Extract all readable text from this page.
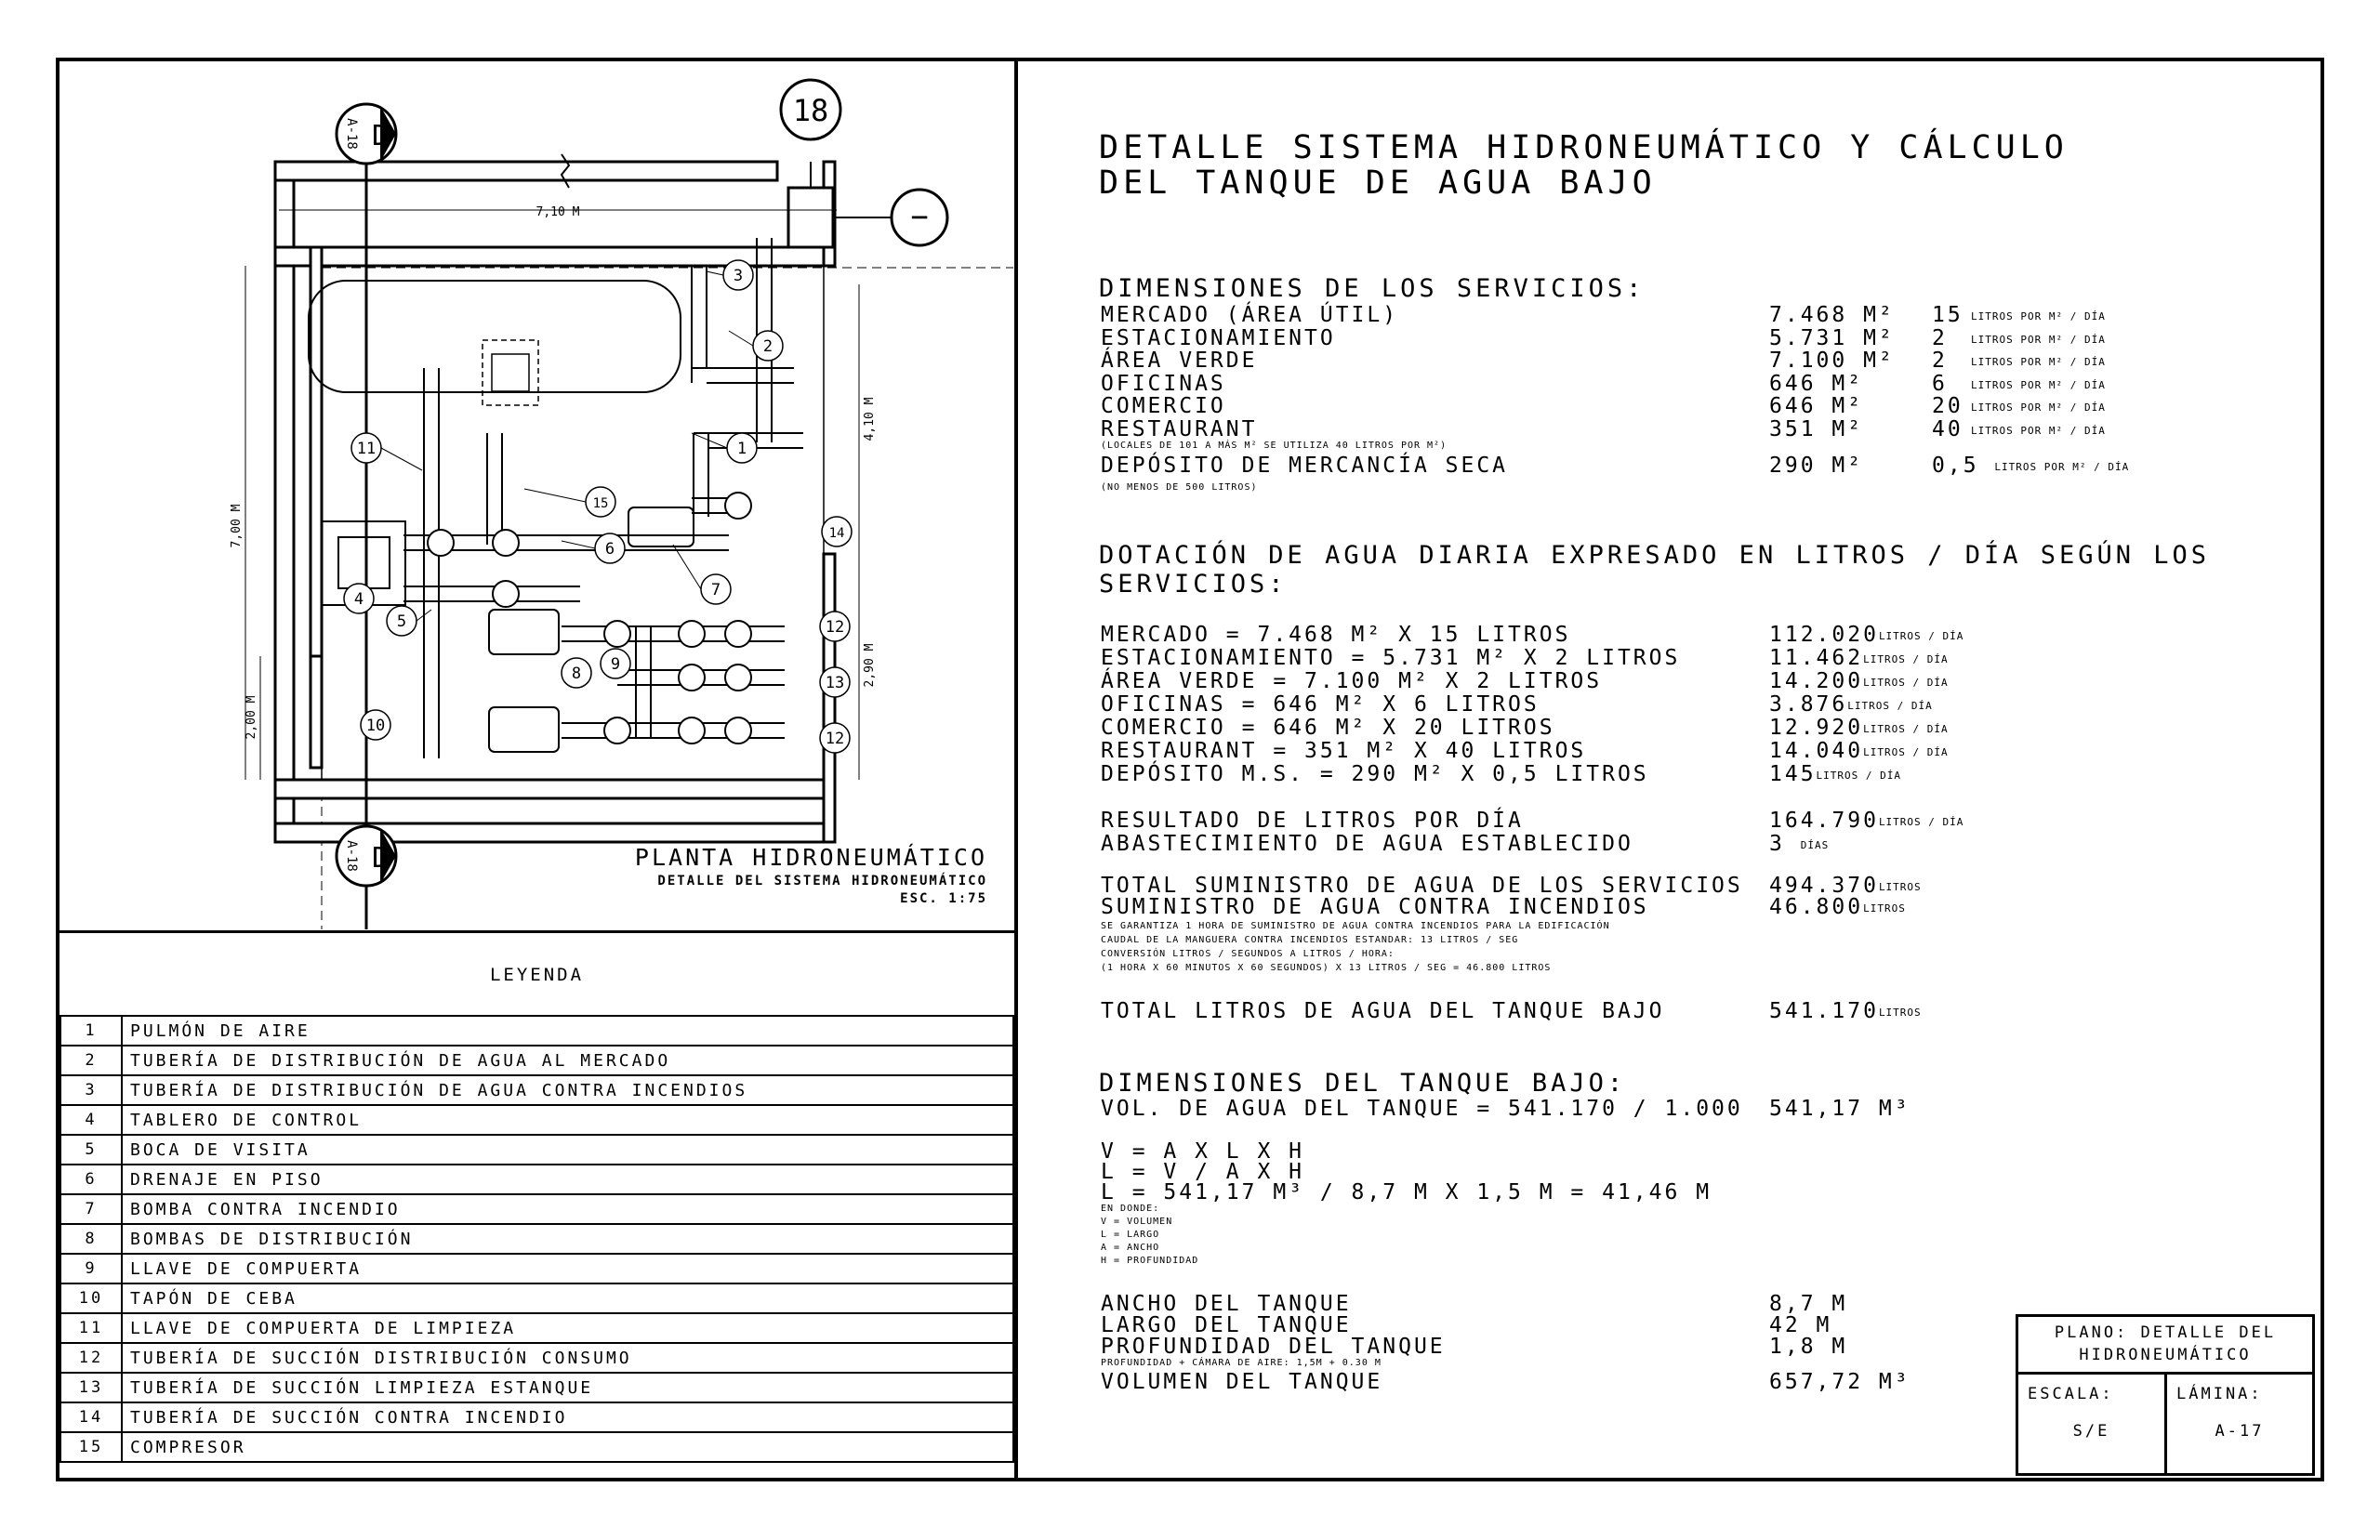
D
D
A-18
A-18
18
−
7,10 M
7,00 M
4,10 M
2,90 M
2,00 M
1
2
3
4
5
6
7
8 9
10
11
12
12
13
14
15
PLANTA HIDRONEUMÁTICO
DETALLE DEL SISTEMA HIDRONEUMÁTICO
ESC. 1:75
LEYENDA
1	PULMÓN DE AIRE
2	TUBERÍA DE DISTRIBUCIÓN DE AGUA AL MERCADO
3	TUBERÍA DE DISTRIBUCIÓN DE AGUA CONTRA INCENDIOS
4	TABLERO DE CONTROL
5	BOCA DE VISITA
6	DRENAJE EN PISO
7	BOMBA CONTRA INCENDIO
8	BOMBAS DE DISTRIBUCIÓN
9	LLAVE DE COMPUERTA
10	TAPÓN DE CEBA
11	LLAVE DE COMPUERTA DE LIMPIEZA
12	TUBERÍA DE SUCCIÓN DISTRIBUCIÓN CONSUMO
13	TUBERÍA DE SUCCIÓN LIMPIEZA ESTANQUE
14	TUBERÍA DE SUCCIÓN CONTRA INCENDIO
15	COMPRESOR
DETALLE SISTEMA HIDRONEUMÁTICO Y CÁLCULO
DEL TANQUE DE AGUA BAJO
DIMENSIONES DE LOS SERVICIOS:
MERCADO (ÁREA ÚTIL)	7.468 M² 15 LITROS POR M² / DÍA
ESTACIONAMIENTO	5.731 M² 2 LITROS POR M² / DÍA
ÁREA VERDE	7.100 M² 2 LITROS POR M² / DÍA
OFICINAS	646 M²	6 LITROS POR M² / DÍA
COMERCIO	646 M²	20 LITROS POR M² / DÍA
RESTAURANT	351 M²	40 LITROS POR M² / DÍA
(LOCALES DE 101 A MÁS M² SE UTILIZA 40 LITROS POR M²)
DEPÓSITO DE MERCANCÍA SECA	290 M²	0,5 LITROS POR M² / DÍA
(NO MENOS DE 500 LITROS)
DOTACIÓN DE AGUA DIARIA EXPRESADO EN LITROS / DÍA SEGÚN LOS
SERVICIOS:
MERCADO = 7.468 M² X 15 LITROS	112.020LITROS / DÍA
ESTACIONAMIENTO = 5.731 M² X 2 LITROS	11.462LITROS / DÍA
ÁREA VERDE = 7.100 M² X 2 LITROS	14.200LITROS / DÍA
OFICINAS = 646 M² X 6 LITROS	3.876LITROS / DÍA
COMERCIO = 646 M² X 20 LITROS	12.920LITROS / DÍA
RESTAURANT = 351 M² X 40 LITROS	14.040LITROS / DÍA
DEPÓSITO M.S. = 290 M² X 0,5 LITROS	145LITROS / DÍA
RESULTADO DE LITROS POR DÍA	164.790LITROS / DÍA
ABASTECIMIENTO DE AGUA ESTABLECIDO	3 DÍAS
TOTAL SUMINISTRO DE AGUA DE LOS SERVICIOS 494.370LITROS
SUMINISTRO DE AGUA CONTRA INCENDIOS	46.800LITROS
SE GARANTIZA 1 HORA DE SUMINISTRO DE AGUA CONTRA INCENDIOS PARA LA EDIFICACIÓN
CAUDAL DE LA MANGUERA CONTRA INCENDIOS ESTANDAR: 13 LITROS / SEG
CONVERSIÓN LITROS / SEGUNDOS A LITROS / HORA:
(1 HORA X 60 MINUTOS X 60 SEGUNDOS) X 13 LITROS / SEG = 46.800 LITROS
TOTAL LITROS DE AGUA DEL TANQUE BAJO	541.170LITROS
DIMENSIONES DEL TANQUE BAJO:
VOL. DE AGUA DEL TANQUE = 541.170 / 1.000 541,17 M³
V = A X L X H
L = V / A X H
L = 541,17 M³ / 8,7 M X 1,5 M = 41,46 M
EN DONDE:
V = VOLUMEN
L = LARGO
A = ANCHO
H = PROFUNDIDAD
ANCHO DEL TANQUE	8,7 M
LARGO DEL TANQUE	42 M
PROFUNDIDAD DEL TANQUE	1,8 M
PROFUNDIDAD + CÁMARA DE AIRE: 1,5M + 0.30 M
VOLUMEN DEL TANQUE	657,72 M³
PLANO: DETALLE DEL
HIDRONEUMÁTICO
ESCALA:
S/E
LÁMINA:
A-17
